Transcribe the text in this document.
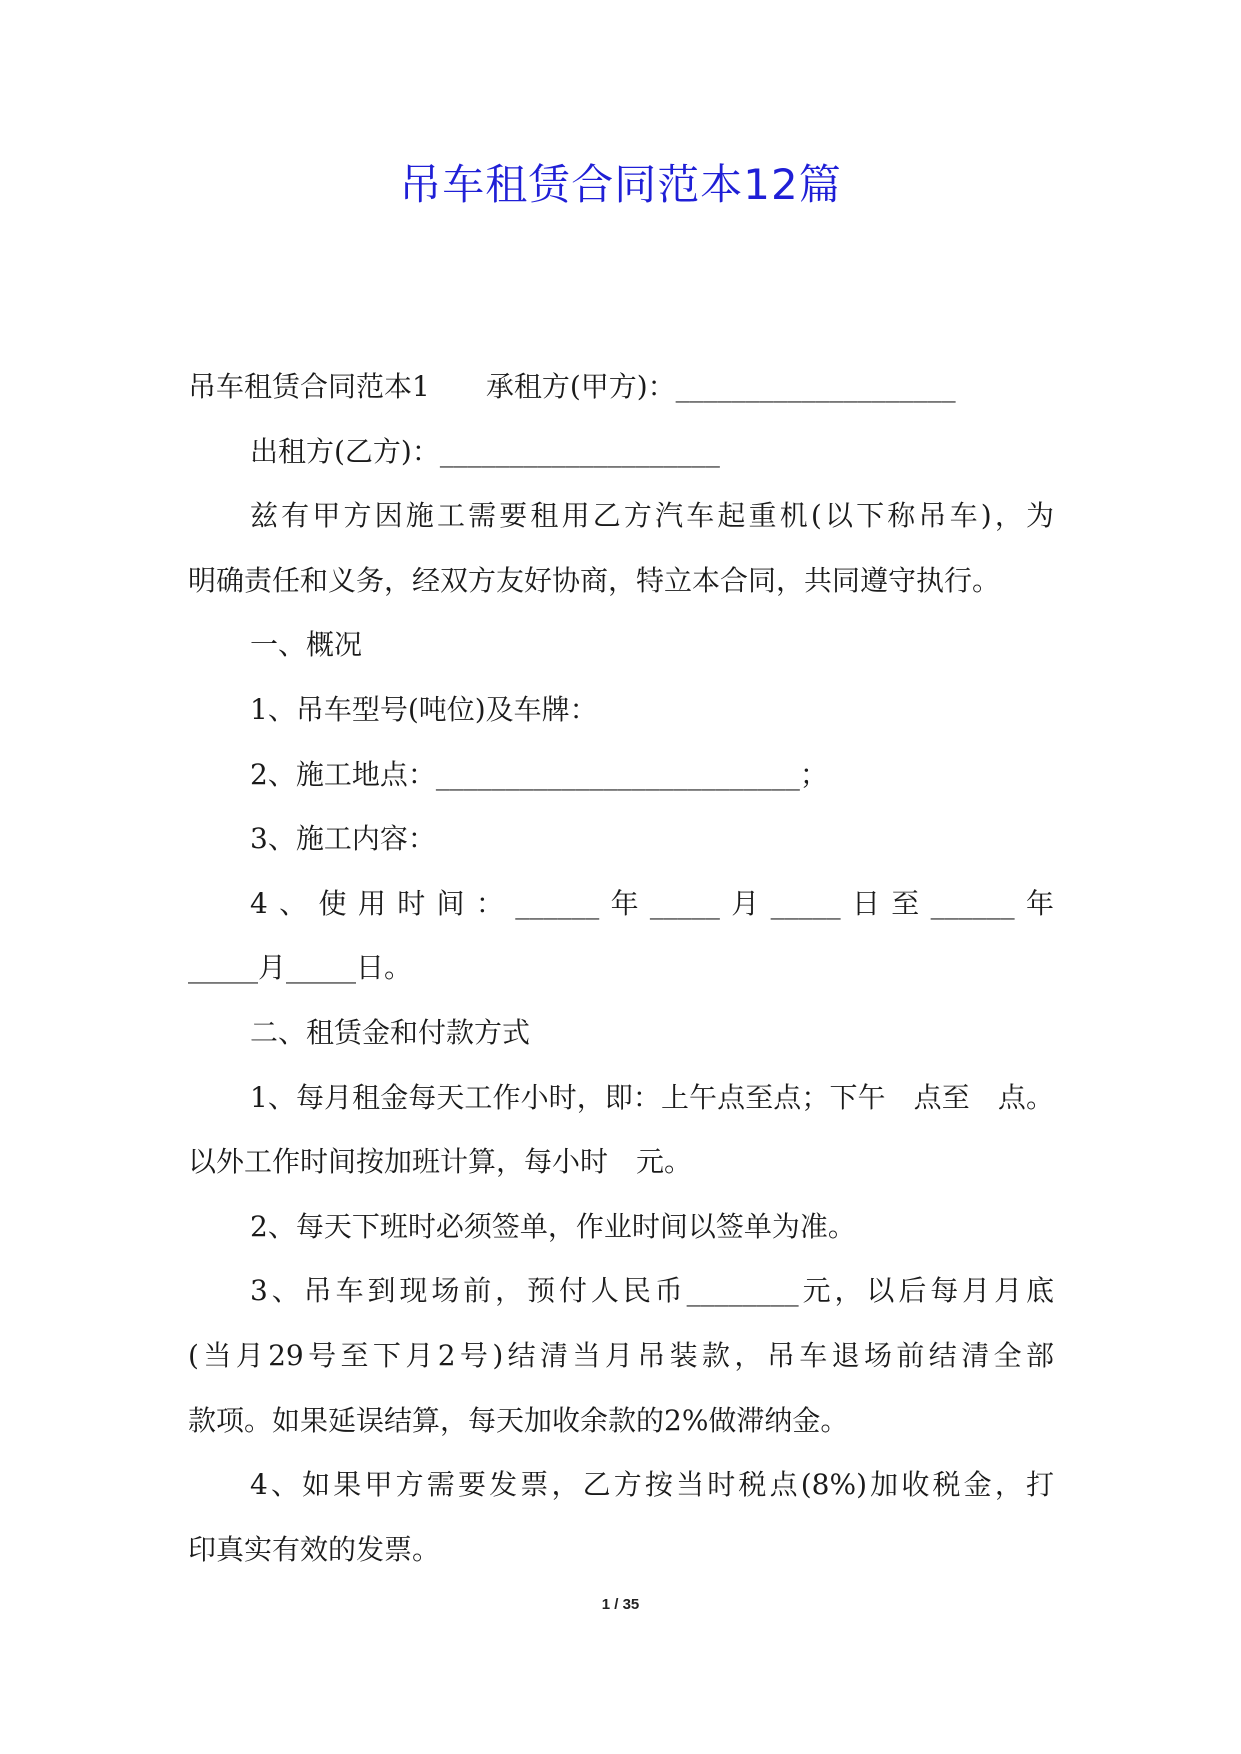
吊车租赁合同范本12篇
吊车租赁合同范本1　　承租方(甲方)：____________________
出租方(乙方)：____________________
兹有甲方因施工需要租用乙方汽车起重机(以下称吊车)，为
明确责任和义务，经双方友好协商，特立本合同，共同遵守执行。
一、概况
1、吊车型号(吨位)及车牌：
2、施工地点：__________________________；
3、施工内容：
4、使用时间：______年_____月_____日至______年
_____月_____日。
二、租赁金和付款方式
1、每月租金每天工作小时，即：上午点至点；下午　点至　点。
以外工作时间按加班计算，每小时　元。
2、每天下班时必须签单，作业时间以签单为准。
3、吊车到现场前，预付人民币________元，以后每月月底
(当月29号至下月2号)结清当月吊装款，吊车退场前结清全部
款项。如果延误结算，每天加收余款的2%做滞纳金。
4、如果甲方需要发票，乙方按当时税点(8%)加收税金，打
印真实有效的发票。
1 / 35
